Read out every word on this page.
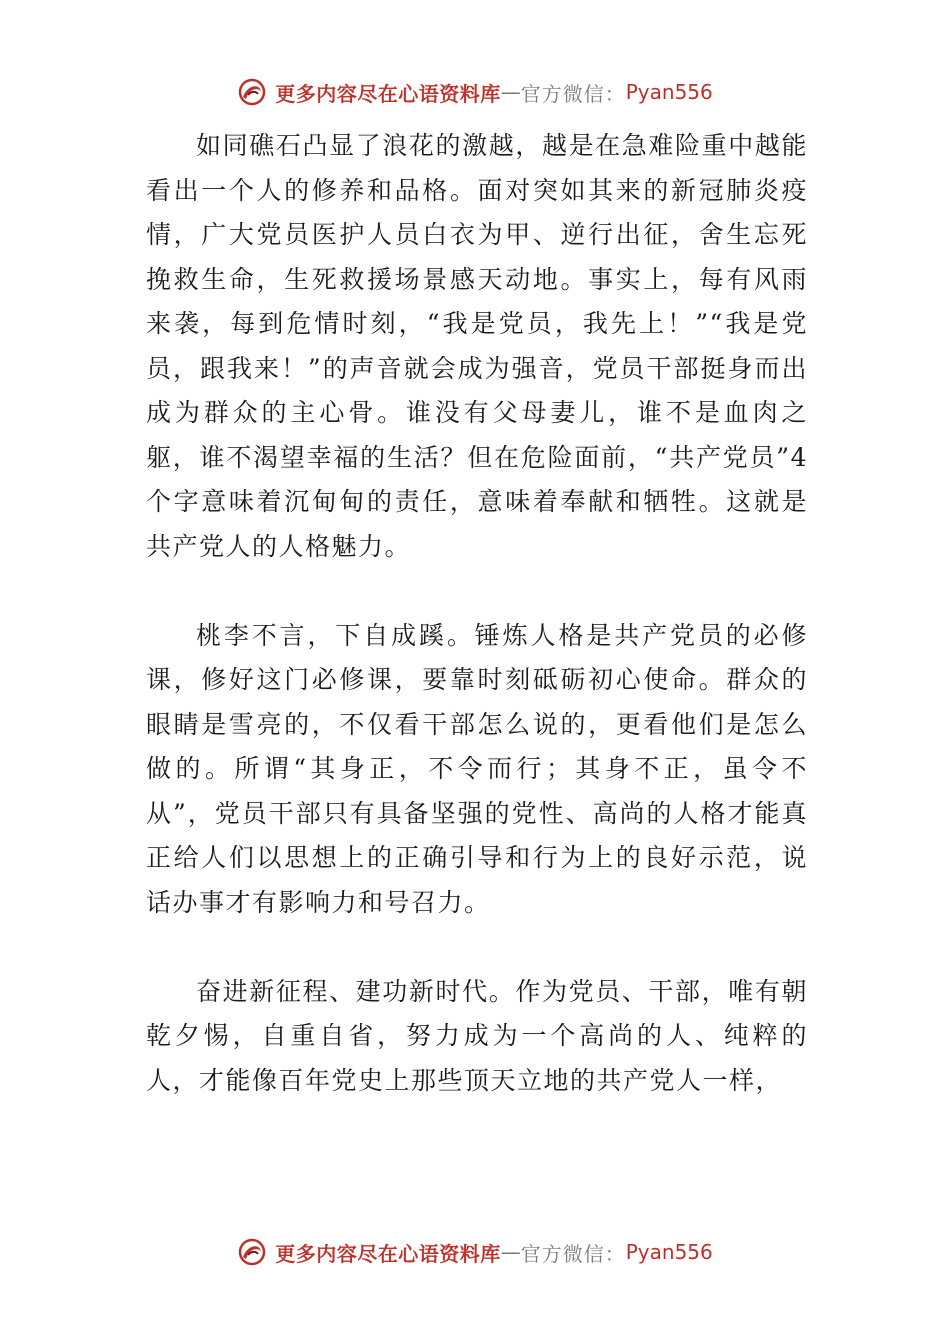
更多内容尽在心语资料库 — 官方微信： Pyan556

如同礁石凸显了浪花的激越，越是在急难险重中越能看出一个人的修养和品格。面对突如其来的新冠肺炎疫情，广大党员医护人员白衣为甲、逆行出征，舍生忘死挽救生命，生死救援场景感天动地。事实上，每有风雨来袭，每到危情时刻，“我是党员，我先上！”“我是党员，跟我来！”的声音就会成为强音，党员干部挺身而出成为群众的主心骨。谁没有父母妻儿，谁不是血肉之躯，谁不渴望幸福的生活？但在危险面前，“共产党员”4 个字意味着沉甸甸的责任，意味着奉献和牺牲。这就是共产党人的人格魅力。

桃李不言，下自成蹊。锤炼人格是共产党员的必修课，修好这门必修课，要靠时刻砥砺初心使命。群众的眼睛是雪亮的，不仅看干部怎么说的，更看他们是怎么做的。所谓“其身正，不令而行；其身不正，虽令不从”，党员干部只有具备坚强的党性、高尚的人格才能真正给人们以思想上的正确引导和行为上的良好示范，说话办事才有影响力和号召力。

奋进新征程、建功新时代。作为党员、干部，唯有朝乾夕惕，自重自省，努力成为一个高尚的人、纯粹的人，才能像百年党史上那些顶天立地的共产党人一样，

更多内容尽在心语资料库 — 官方微信： Pyan556
